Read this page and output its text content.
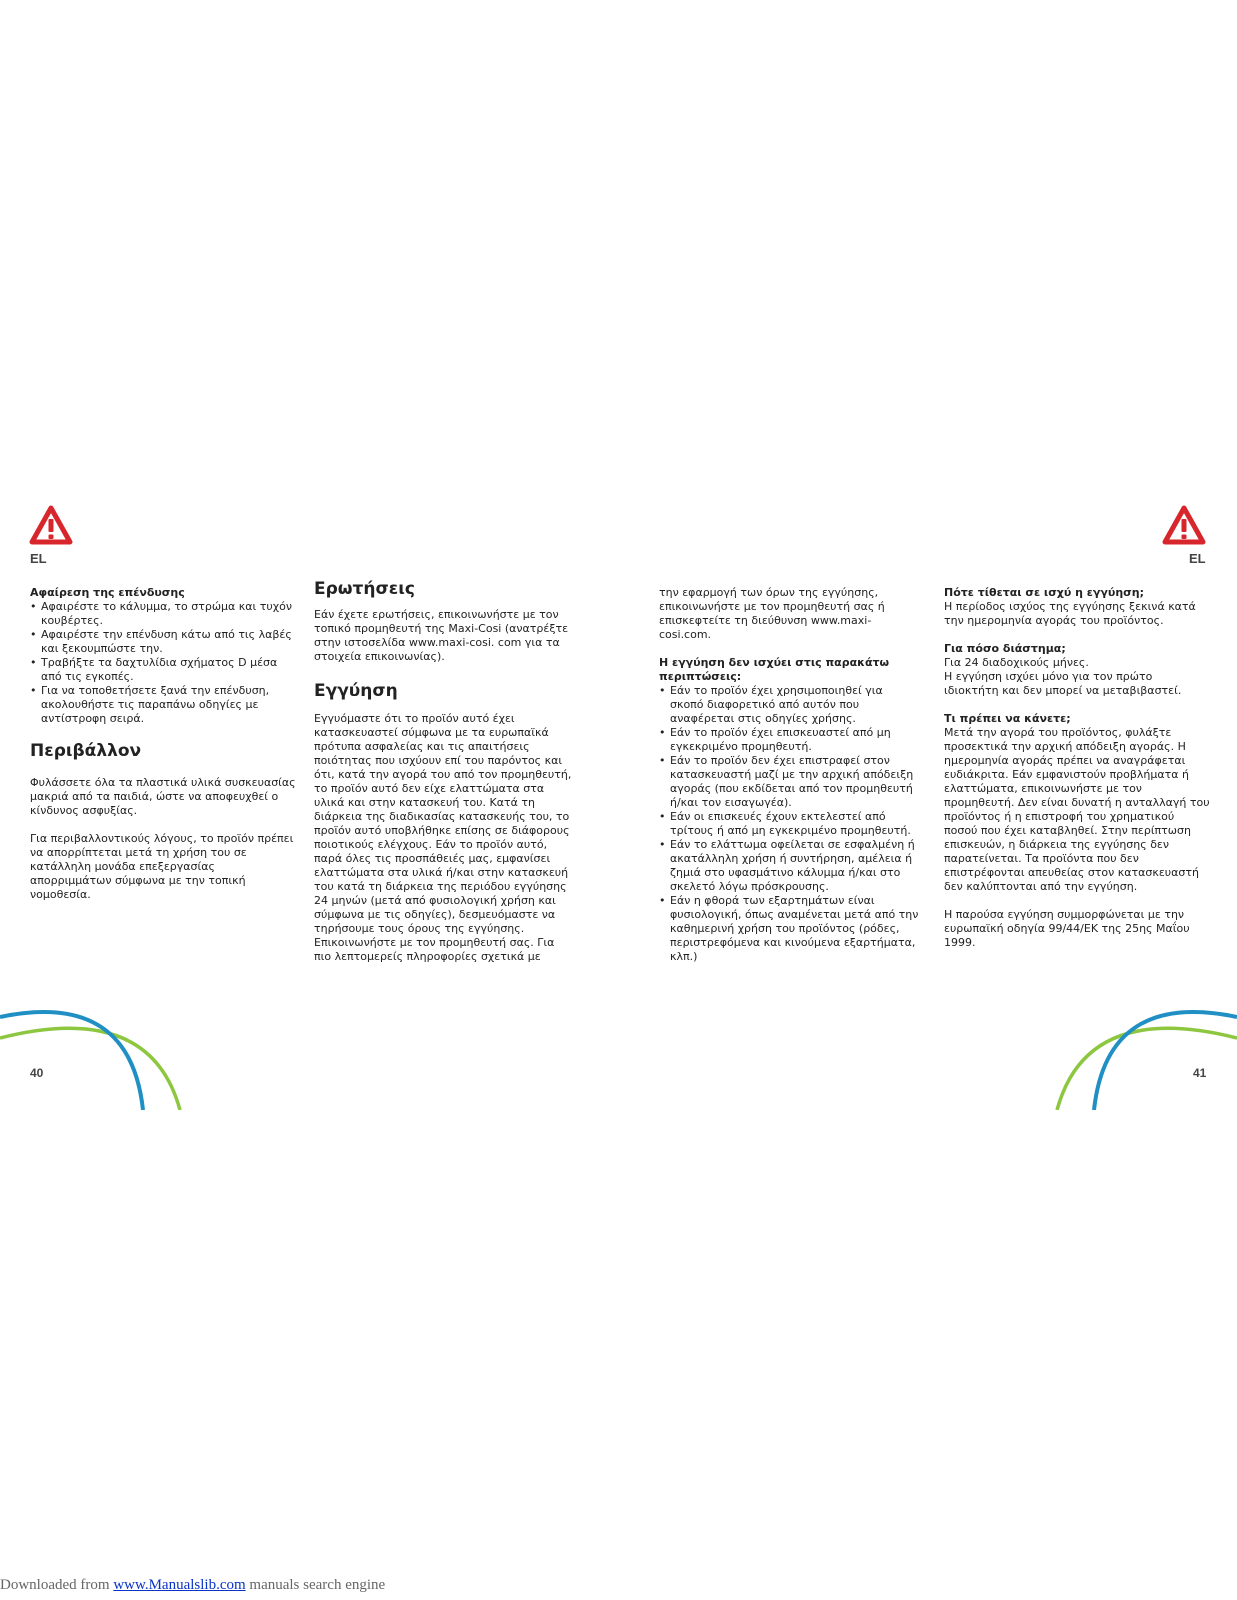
EL	EL

Αφαίρεση της επένδυσης

• Αφαιρέστε το κάλυμμα, το στρώμα και τυχόν κουβέρτες.
• Αφαιρέστε την επένδυση κάτω από τις λαβές και ξεκουμπώστε την.
• Τραβήξτε τα δαχτυλίδια σχήματος D μέσα από τις εγκοπές.
• Για να τοποθετήσετε ξανά την επένδυση, ακολουθήστε τις παραπάνω οδηγίες με αντίστροφη σειρά.
Περιβάλλον

Φυλάσσετε όλα τα πλαστικά υλικά συσκευασίας μακριά από τα παιδιά, ώστε να αποφευχθεί ο κίνδυνος ασφυξίας.

Για περιβαλλοντικούς λόγους, το προϊόν πρέπει να απορρίπτεται μετά τη χρήση του σε κατάλληλη μονάδα επεξεργασίας απορριμμάτων σύμφωνα με την τοπική νομοθεσία.

Ερωτήσεις

Εάν έχετε ερωτήσεις, επικοινωνήστε με τον τοπικό προμηθευτή της Maxi-Cosi (ανατρέξτε στην ιστοσελίδα www.maxi-cosi. com για τα στοιχεία επικοινωνίας).

Εγγύηση

Εγγυόμαστε ότι το προϊόν αυτό έχει κατασκευαστεί σύμφωνα με τα ευρωπαϊκά πρότυπα ασφαλείας και τις απαιτήσεις ποιότητας που ισχύουν επί του παρόντος και ότι, κατά την αγορά του από τον προμηθευτή, το προϊόν αυτό δεν είχε ελαττώματα στα υλικά και στην κατασκευή του. Κατά τη διάρκεια της διαδικασίας κατασκευής του, το προϊόν αυτό υποβλήθηκε επίσης σε διάφορους ποιοτικούς ελέγχους. Εάν το προϊόν αυτό, παρά όλες τις προσπάθειές μας, εμφανίσει ελαττώματα στα υλικά ή/και στην κατασκευή του κατά τη διάρκεια της περιόδου εγγύησης 24 μηνών (μετά από φυσιολογική χρήση και σύμφωνα με τις οδηγίες), δεσμευόμαστε να τηρήσουμε τους όρους της εγγύησης. Επικοινωνήστε με τον προμηθευτή σας. Για πιο λεπτομερείς πληροφορίες σχετικά με

την εφαρμογή των όρων της εγγύησης, επικοινωνήστε με τον προμηθευτή σας ή επισκεφτείτε τη διεύθυνση www.maxi-cosi.com.

Η εγγύηση δεν ισχύει στις παρακάτω περιπτώσεις:

• Εάν το προϊόν έχει χρησιμοποιηθεί για σκοπό διαφορετικό από αυτόν που αναφέρεται στις οδηγίες χρήσης.
• Εάν το προϊόν έχει επισκευαστεί από μη εγκεκριμένο προμηθευτή.
• Εάν το προϊόν δεν έχει επιστραφεί στον κατασκευαστή μαζί με την αρχική απόδειξη αγοράς (που εκδίδεται από τον προμηθευτή ή/και τον εισαγωγέα).
• Εάν οι επισκευές έχουν εκτελεστεί από τρίτους ή από μη εγκεκριμένο προμηθευτή.
• Εάν το ελάττωμα οφείλεται σε εσφαλμένη ή ακατάλληλη χρήση ή συντήρηση, αμέλεια ή ζημιά στο υφασμάτινο κάλυμμα ή/και στο σκελετό λόγω πρόσκρουσης.
• Εάν η φθορά των εξαρτημάτων είναι φυσιολογική, όπως αναμένεται μετά από την καθημερινή χρήση του προϊόντος (ρόδες, περιστρεφόμενα και κινούμενα εξαρτήματα, κλπ.)

Πότε τίθεται σε ισχύ η εγγύηση;

Η περίοδος ισχύος της εγγύησης ξεκινά κατά την ημερομηνία αγοράς του προϊόντος.

Για πόσο διάστημα;

Για 24 διαδοχικούς μήνες.

Η εγγύηση ισχύει μόνο για τον πρώτο ιδιοκτήτη και δεν μπορεί να μεταβιβαστεί.

Τι πρέπει να κάνετε;

Μετά την αγορά του προϊόντος, φυλάξτε προσεκτικά την αρχική απόδειξη αγοράς. Η ημερομηνία αγοράς πρέπει να αναγράφεται ευδιάκριτα. Εάν εμφανιστούν προβλήματα ή ελαττώματα, επικοινωνήστε με τον προμηθευτή. Δεν είναι δυνατή η ανταλλαγή του προϊόντος ή η επιστροφή του χρηματικού ποσού που έχει καταβληθεί. Στην περίπτωση επισκευών, η διάρκεια της εγγύησης δεν παρατείνεται. Τα προϊόντα που δεν επιστρέφονται απευθείας στον κατασκευαστή δεν καλύπτονται από την εγγύηση.

Η παρούσα εγγύηση συμμορφώνεται με την ευρωπαϊκή οδηγία 99/44/ΕΚ της 25ης Μαΐου 1999.

40	41
Downloaded from www.Manualslib.com manuals search engine
